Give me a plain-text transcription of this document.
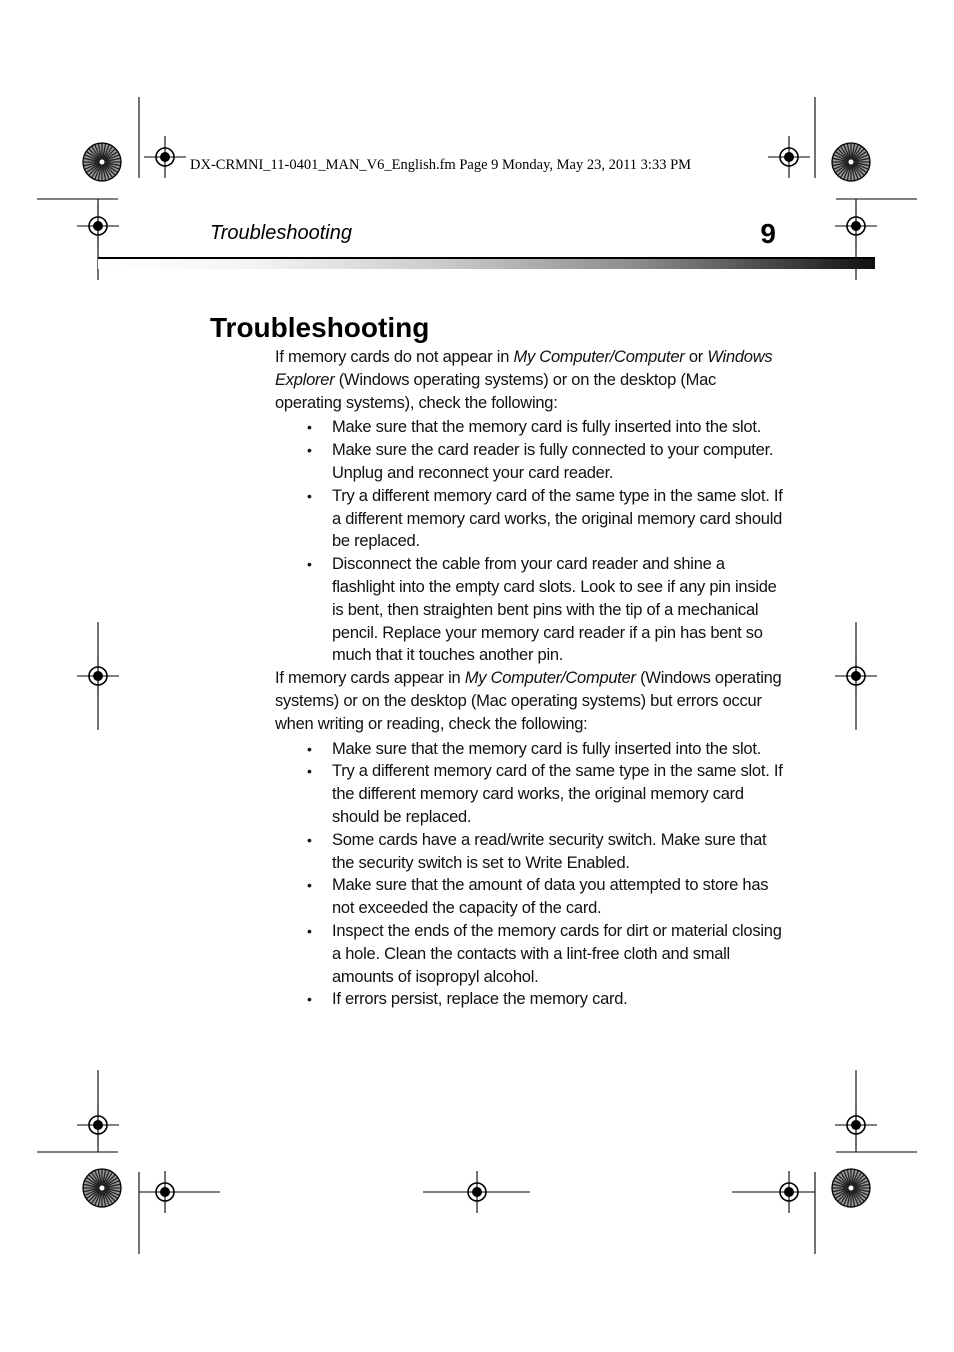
DX-CRMNI_11-0401_MAN_V6_English.fm Page 9 Monday, May 23, 2011 3:33 PM
Troubleshooting	9
Troubleshooting

If memory cards do not appear in My Computer/Computer or Windows Explorer (Windows operating systems) or on the desktop (Mac operating systems), check the following:

• Make sure that the memory card is fully inserted into the slot.
• Make sure the card reader is fully connected to your computer. Unplug and reconnect your card reader.
• Try a different memory card of the same type in the same slot. If a different memory card works, the original memory card should be replaced.
• Disconnect the cable from your card reader and shine a flashlight into the empty card slots. Look to see if any pin inside is bent, then straighten bent pins with the tip of a mechanical pencil. Replace your memory card reader if a pin has bent so much that it touches another pin.

If memory cards appear in My Computer/Computer (Windows operating systems) or on the desktop (Mac operating systems) but errors occur when writing or reading, check the following:

• Make sure that the memory card is fully inserted into the slot.
• Try a different memory card of the same type in the same slot. If the different memory card works, the original memory card should be replaced.
• Some cards have a read/write security switch. Make sure that the security switch is set to Write Enabled.
• Make sure that the amount of data you attempted to store has not exceeded the capacity of the card.
• Inspect the ends of the memory cards for dirt or material closing a hole. Clean the contacts with a lint-free cloth and small amounts of isopropyl alcohol.
• If errors persist, replace the memory card.
